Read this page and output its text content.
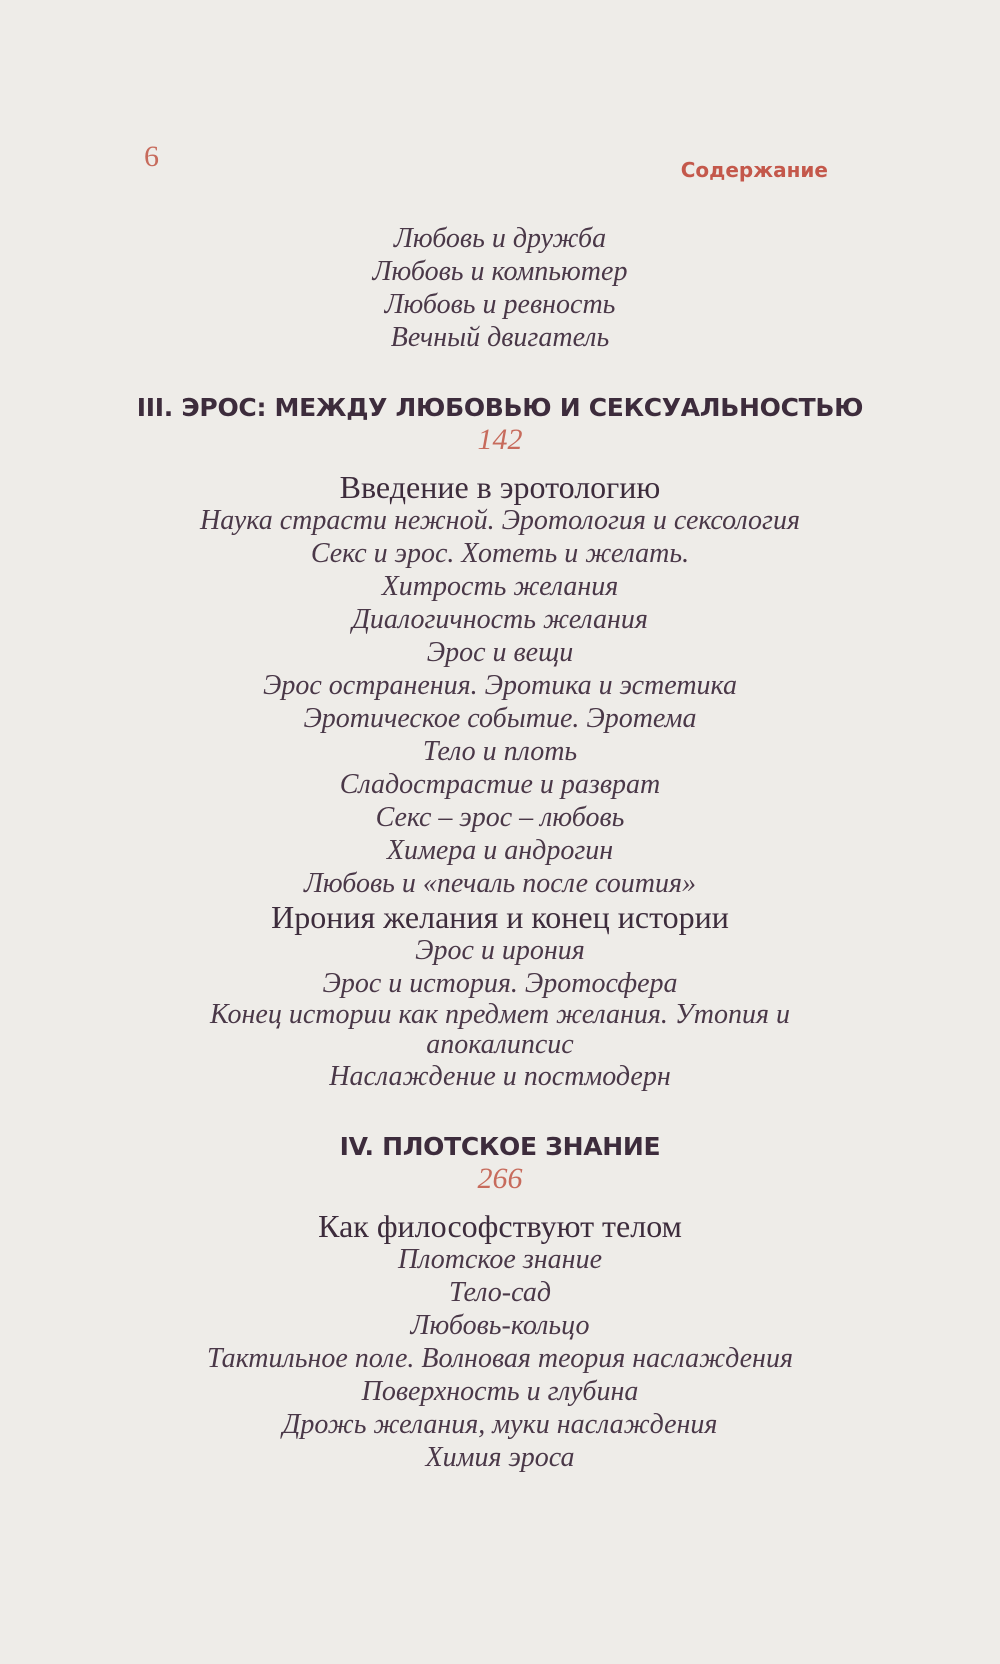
6	Содержание
Любовь и дружба
Любовь и компьютер
Любовь и ревность
Вечный двигатель
III. ЭРОС: МЕЖДУ ЛЮБОВЬЮ И СЕКСУАЛЬНОСТЬЮ
142
Введение в эротологию
Наука страсти нежной. Эротология и сексология
Секс и эрос. Хотеть и желать.
Хитрость желания
Диалогичность желания
Эрос и вещи
Эрос остранения. Эротика и эстетика
Эротическое событие. Эротема
Тело и плоть
Сладострастие и разврат
Секс – эрос – любовь
Химера и андрогин
Любовь и «печаль после соития»
Ирония желания и конец истории
Эрос и ирония
Эрос и история. Эротосфера
Конец истории как предмет желания. Утопия и апокалипсис
Наслаждение и постмодерн
IV. ПЛОТСКОЕ ЗНАНИЕ
266
Как философствуют телом
Плотское знание
Тело-сад
Любовь-кольцо
Тактильное поле. Волновая теория наслаждения
Поверхность и глубина
Дрожь желания, муки наслаждения
Химия эроса
